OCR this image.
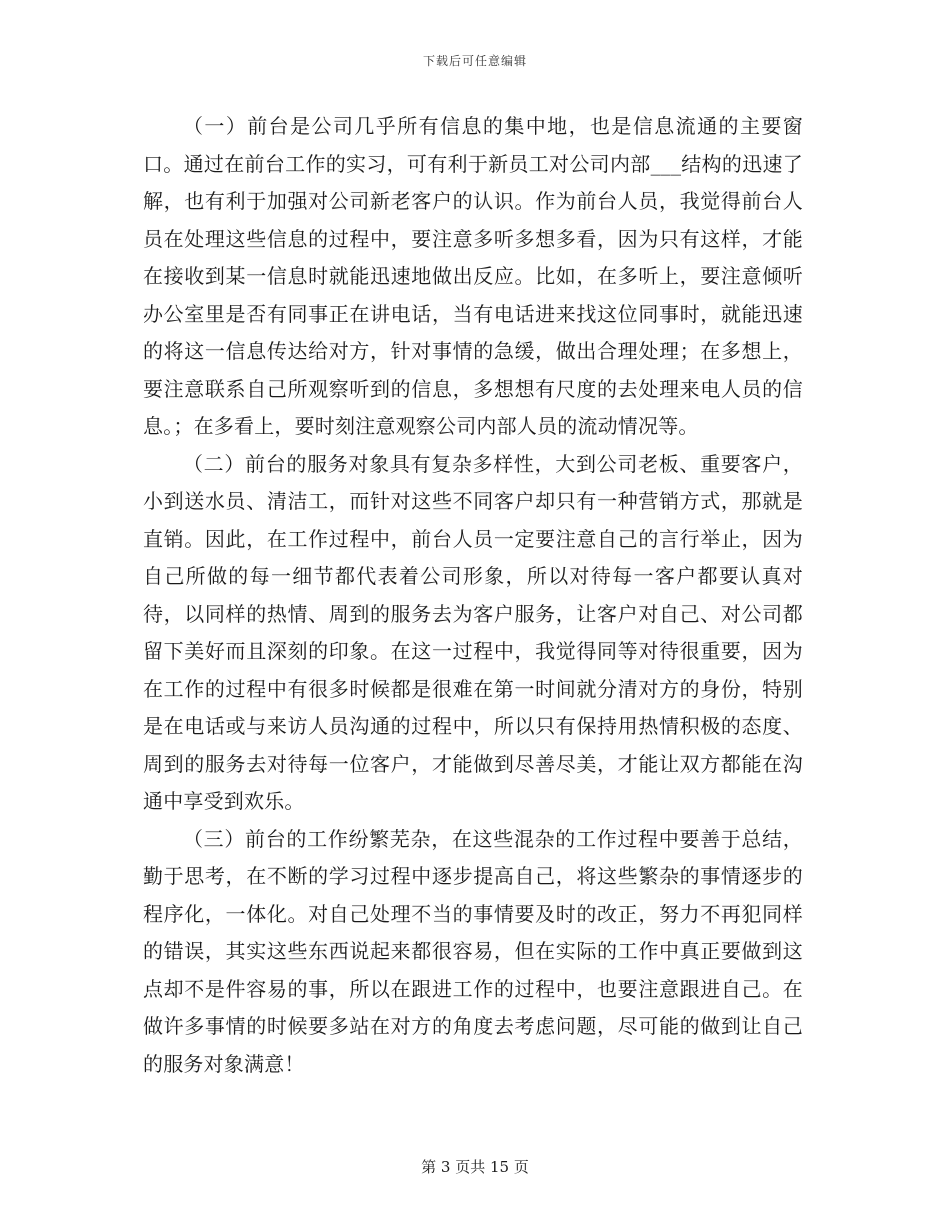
下载后可任意编辑

（一）前台是公司几乎所有信息的集中地，也是信息流通的主要窗口。通过在前台工作的实习，可有利于新员工对公司内部___结构的迅速了解，也有利于加强对公司新老客户的认识。作为前台人员，我觉得前台人员在处理这些信息的过程中，要注意多听多想多看，因为只有这样，才能在接收到某一信息时就能迅速地做出反应。比如，在多听上，要注意倾听办公室里是否有同事正在讲电话，当有电话进来找这位同事时，就能迅速的将这一信息传达给对方，针对事情的急缓，做出合理处理；在多想上，要注意联系自己所观察听到的信息，多想想有尺度的去处理来电人员的信息。；在多看上，要时刻注意观察公司内部人员的流动情况等。

（二）前台的服务对象具有复杂多样性，大到公司老板、重要客户，小到送水员、清洁工，而针对这些不同客户却只有一种营销方式，那就是直销。因此，在工作过程中，前台人员一定要注意自己的言行举止，因为自己所做的每一细节都代表着公司形象，所以对待每一客户都要认真对待，以同样的热情、周到的服务去为客户服务，让客户对自己、对公司都留下美好而且深刻的印象。在这一过程中，我觉得同等对待很重要，因为在工作的过程中有很多时候都是很难在第一时间就分清对方的身份，特别是在电话或与来访人员沟通的过程中，所以只有保持用热情积极的态度、周到的服务去对待每一位客户，才能做到尽善尽美，才能让双方都能在沟通中享受到欢乐。

（三）前台的工作纷繁芜杂，在这些混杂的工作过程中要善于总结，勤于思考，在不断的学习过程中逐步提高自己，将这些繁杂的事情逐步的程序化，一体化。对自己处理不当的事情要及时的改正，努力不再犯同样的错误，其实这些东西说起来都很容易，但在实际的工作中真正要做到这点却不是件容易的事，所以在跟进工作的过程中，也要注意跟进自己。在做许多事情的时候要多站在对方的角度去考虑问题，尽可能的做到让自己的服务对象满意！

第 3 页共 15 页
